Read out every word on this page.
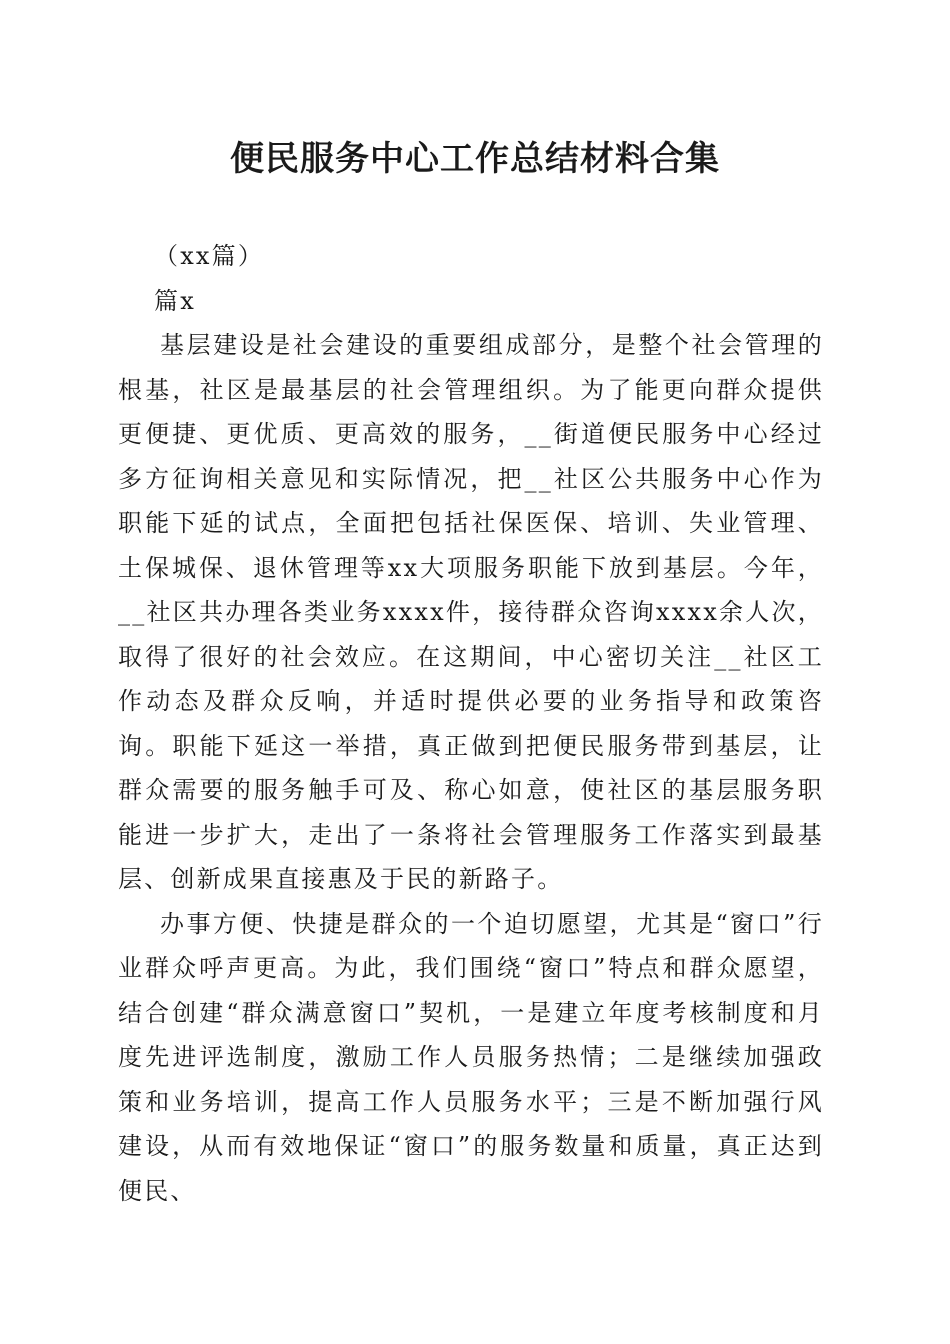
便民服务中心工作总结材料合集

（xx篇）

篇x

基层建设是社会建设的重要组成部分，是整个社会管理的根基，社区是最基层的社会管理组织。为了能更向群众提供更便捷、更优质、更高效的服务，__街道便民服务中心经过多方征询相关意见和实际情况，把__社区公共服务中心作为职能下延的试点，全面把包括社保医保、培训、失业管理、土保城保、退休管理等xx大项服务职能下放到基层。今年，__社区共办理各类业务xxxx件，接待群众咨询xxxx余人次，取得了很好的社会效应。在这期间，中心密切关注__社区工作动态及群众反响，并适时提供必要的业务指导和政策咨询。职能下延这一举措，真正做到把便民服务带到基层，让群众需要的服务触手可及、称心如意，使社区的基层服务职能进一步扩大，走出了一条将社会管理服务工作落实到最基层、创新成果直接惠及于民的新路子。

办事方便、快捷是群众的一个迫切愿望，尤其是“窗口”行业群众呼声更高。为此，我们围绕“窗口”特点和群众愿望，结合创建“群众满意窗口”契机，一是建立年度考核制度和月度先进评选制度，激励工作人员服务热情；二是继续加强政策和业务培训，提高工作人员服务水平；三是不断加强行风建设，从而有效地保证“窗口”的服务数量和质量，真正达到便民、
